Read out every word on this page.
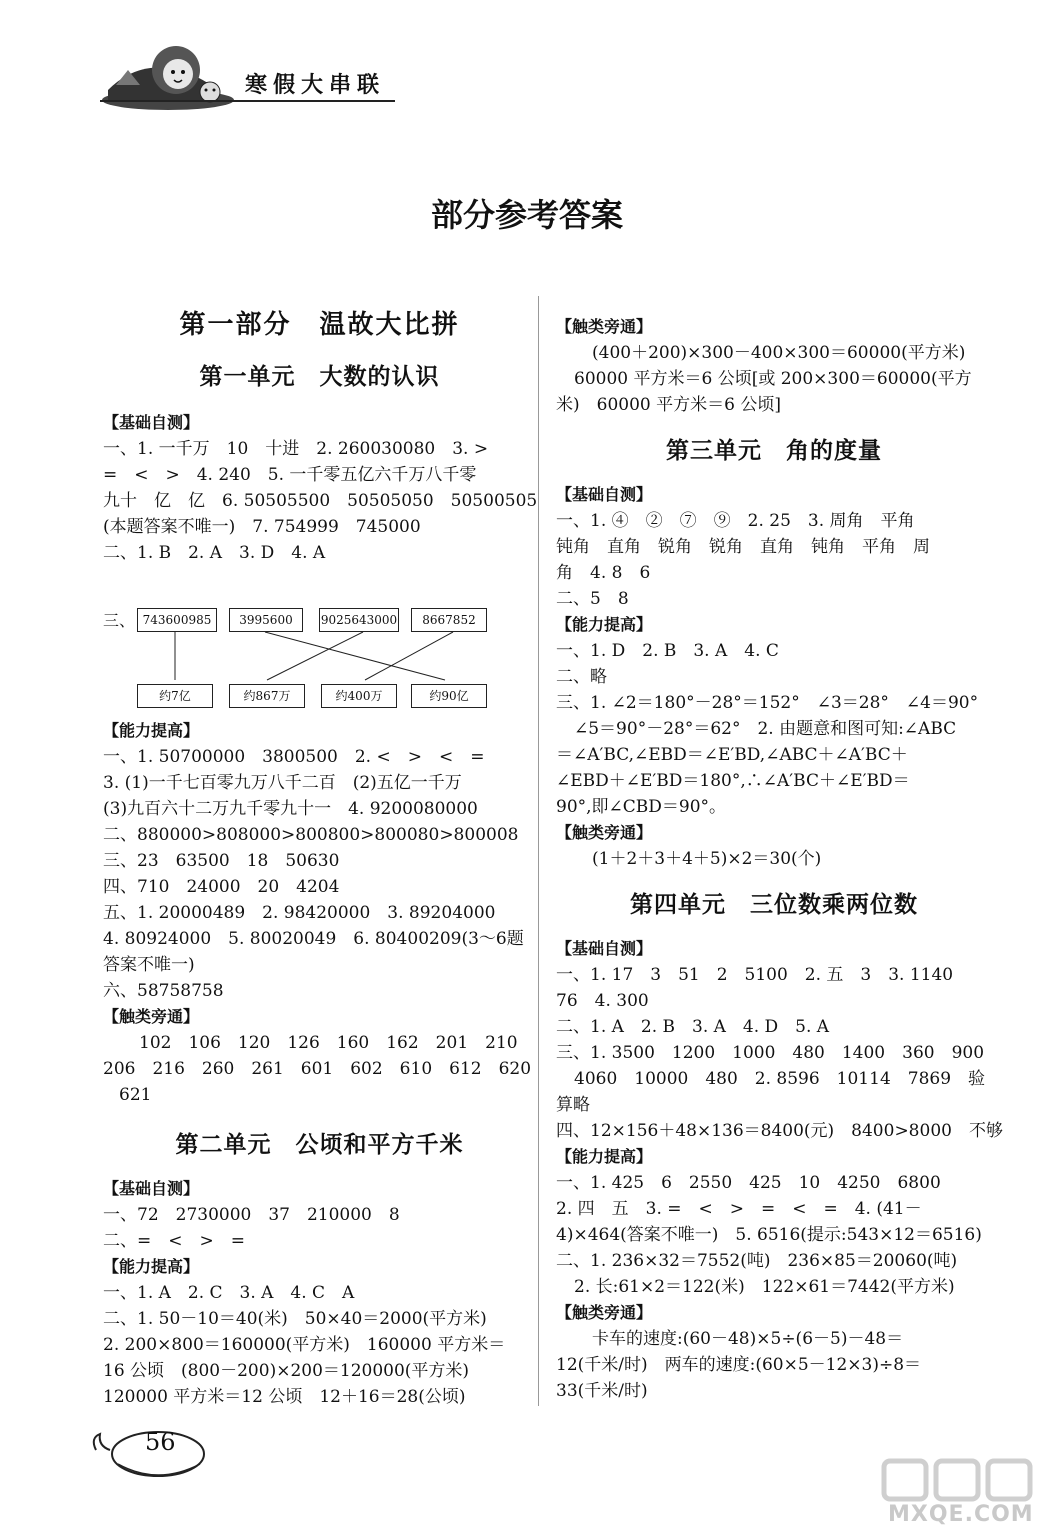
寒假大串联
部分参考答案
第一部分　温故大比拼
第一单元　大数的认识
【基础自测】
一、1. 一千万　10　十进　2. 260030080　3. >
=　<　>　4. 240　5. 一千零五亿六千万八千零
九十　亿　亿　6. 50505500　50505050　50500505
(本题答案不唯一)　7. 754999　745000
二、1. B　2. A　3. D　4. A
三、 743600985	3995600	9025643000	8667852
约7亿	约867万	约400万	约90亿
【能力提高】
一、1. 50700000　3800500　2. <　>　<　=
3. (1)一千七百零九万八千二百　(2)五亿一千万
(3)九百六十二万九千零九十一　4. 9200080000
二、880000>808000>800800>800080>800008
三、23　63500　18　50630
四、710　24000　20　4204
五、1. 20000489　2. 98420000　3. 89204000
4. 80924000　5. 80020049　6. 80400209(3～6题
答案不唯一)
六、58758758
【触类旁通】
102　106　120　126　160　162　201　210
206　216　260　261　601　602　610　612　620
621
第二单元　公顷和平方千米
【基础自测】
一、72　2730000　37　210000　8
二、=　<　>　=
【能力提高】
一、1. A　2. C　3. A　4. C　A
二、1. 50－10＝40(米)　50×40＝2000(平方米)
2. 200×800＝160000(平方米)　160000 平方米＝
16 公顷　(800－200)×200＝120000(平方米)
120000 平方米＝12 公顷　12＋16＝28(公顷)
【触类旁通】
(400＋200)×300－400×300＝60000(平方米)
60000 平方米＝6 公顷[或 200×300＝60000(平方
米)　60000 平方米＝6 公顷]
第三单元　角的度量
【基础自测】
一、1. ④　②　⑦　⑨　2. 25　3. 周角　平角
钝角　直角　锐角　锐角　直角　钝角　平角　周
角　4. 8　6
二、5　8
【能力提高】
一、1. D　2. B　3. A　4. C
二、略
三、1. ∠2＝180°－28°＝152°　∠3＝28°　∠4＝90°
∠5＝90°－28°＝62°　2. 由题意和图可知:∠ABC
＝∠A′BC,∠EBD＝∠E′BD,∠ABC＋∠A′BC＋
∠EBD＋∠E′BD＝180°,∴∠A′BC＋∠E′BD＝
90°,即∠CBD＝90°。
【触类旁通】
(1＋2＋3＋4＋5)×2＝30(个)
第四单元　三位数乘两位数
【基础自测】
一、1. 17　3　51　2　5100　2. 五　3　3. 1140
76　4. 300
二、1. A　2. B　3. A　4. D　5. A
三、1. 3500　1200　1000　480　1400　360　900
4060　10000　480　2. 8596　10114　7869　验
算略
四、12×156＋48×136＝8400(元)　8400>8000　不够
【能力提高】
一、1. 425　6　2550　425　10　4250　6800
2. 四　五　3. =　<　>　=　<　=　4. (41－
4)×464(答案不唯一)　5. 6516(提示:543×12＝6516)
二、1. 236×32＝7552(吨)　236×85＝20060(吨)
2. 长:61×2＝122(米)　122×61＝7442(平方米)
【触类旁通】
卡车的速度:(60－48)×5÷(6－5)－48＝
12(千米/时)　两车的速度:(60×5－12×3)÷8＝
33(千米/时)
56
MXQE.COM
